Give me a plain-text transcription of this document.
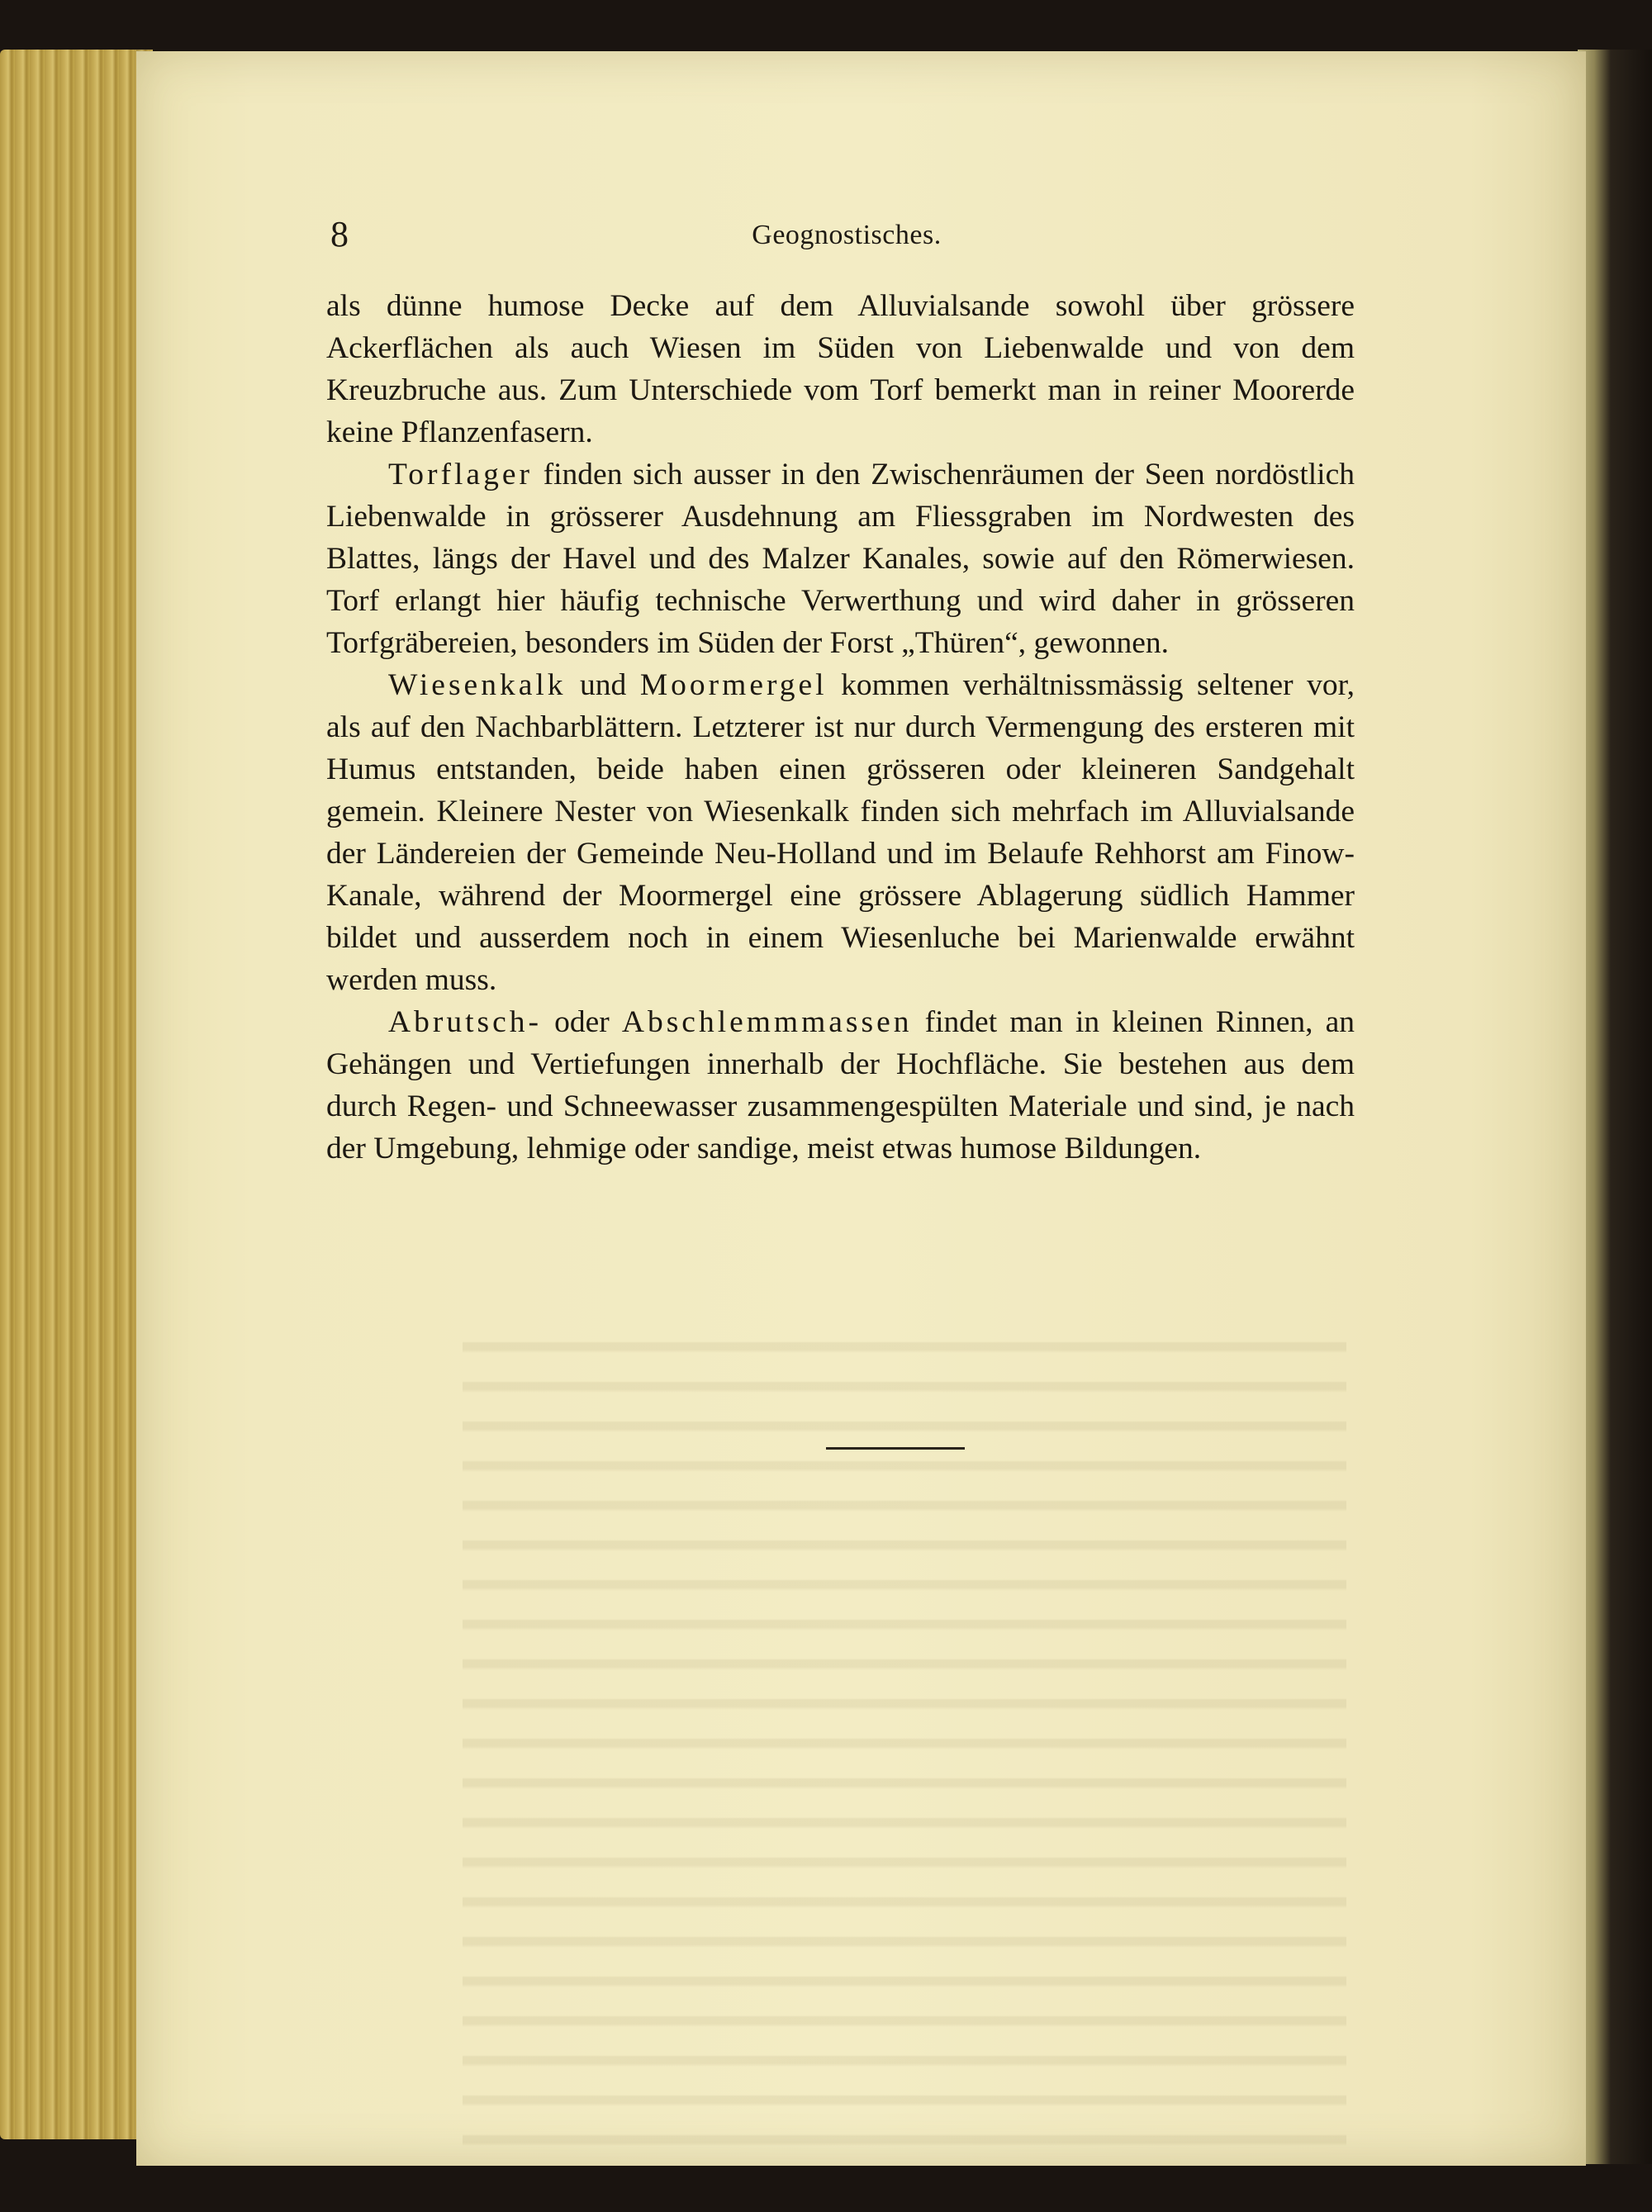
8	Geognostisches.

als dünne humose Decke auf dem Alluvialsande sowohl über grössere Ackerflächen als auch Wiesen im Süden von Liebenwalde und von dem Kreuzbruche aus. Zum Unterschiede vom Torf bemerkt man in reiner Moorerde keine Pflanzenfasern.

Torflager finden sich ausser in den Zwischenräumen der Seen nordöstlich Liebenwalde in grösserer Ausdehnung am Fliessgraben im Nordwesten des Blattes, längs der Havel und des Malzer Kanales, sowie auf den Römerwiesen. Torf erlangt hier häufig technische Verwerthung und wird daher in grösseren Torfgräbereien, besonders im Süden der Forst „Thüren“, gewonnen.

Wiesenkalk und Moormergel kommen verhältnissmässig seltener vor, als auf den Nachbarblättern. Letzterer ist nur durch Vermengung des ersteren mit Humus entstanden, beide haben einen grösseren oder kleineren Sandgehalt gemein. Kleinere Nester von Wiesenkalk finden sich mehrfach im Alluvialsande der Ländereien der Gemeinde Neu-Holland und im Belaufe Rehhorst am Finow-Kanale, während der Moormergel eine grössere Ablagerung südlich Hammer bildet und ausserdem noch in einem Wiesenluche bei Marienwalde erwähnt werden muss.

Abrutsch- oder Abschlemmmassen findet man in kleinen Rinnen, an Gehängen und Vertiefungen innerhalb der Hochfläche. Sie bestehen aus dem durch Regen- und Schneewasser zusammengespülten Materiale und sind, je nach der Umgebung, lehmige oder sandige, meist etwas humose Bildungen.
